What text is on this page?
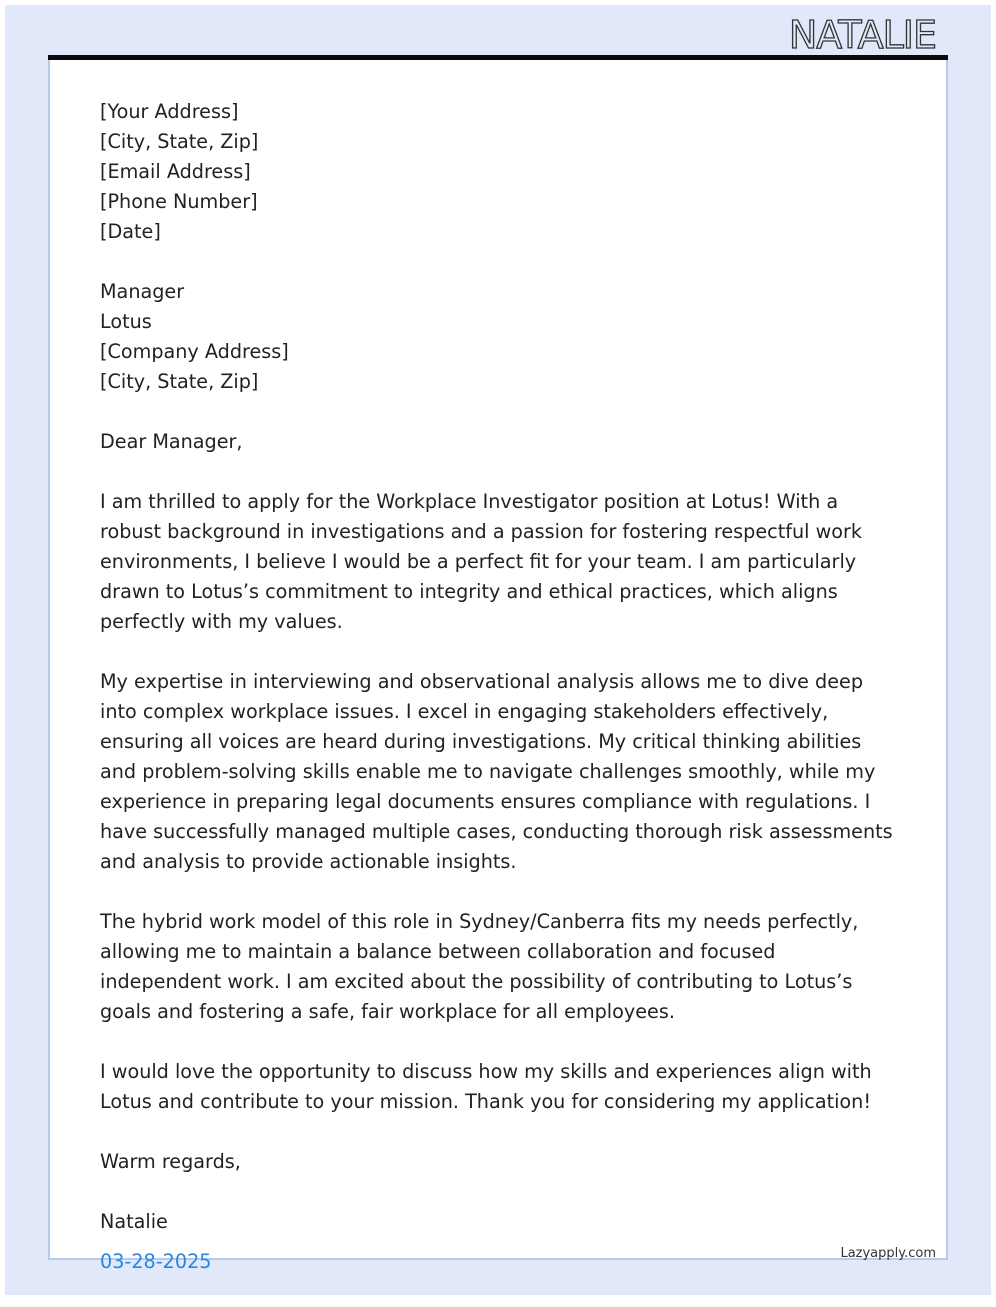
NATALIE
[Your Address]
[City, State, Zip]
[Email Address]
[Phone Number]
[Date]
Manager
Lotus
[Company Address]
[City, State, Zip]

Dear Manager,

I am thrilled to apply for the Workplace Investigator position at Lotus! With a robust background in investigations and a passion for fostering respectful work environments, I believe I would be a perfect fit for your team. I am particularly drawn to Lotus’s commitment to integrity and ethical practices, which aligns perfectly with my values.

My expertise in interviewing and observational analysis allows me to dive deep into complex workplace issues. I excel in engaging stakeholders effectively, ensuring all voices are heard during investigations. My critical thinking abilities and problem-solving skills enable me to navigate challenges smoothly, while my experience in preparing legal documents ensures compliance with regulations. I have successfully managed multiple cases, conducting thorough risk assessments and analysis to provide actionable insights.

The hybrid work model of this role in Sydney/Canberra fits my needs perfectly, allowing me to maintain a balance between collaboration and focused independent work. I am excited about the possibility of contributing to Lotus’s goals and fostering a safe, fair workplace for all employees.

I would love the opportunity to discuss how my skills and experiences align with Lotus and contribute to your mission. Thank you for considering my application!

Warm regards,

Natalie

03-28-2025	Lazyapply.com
